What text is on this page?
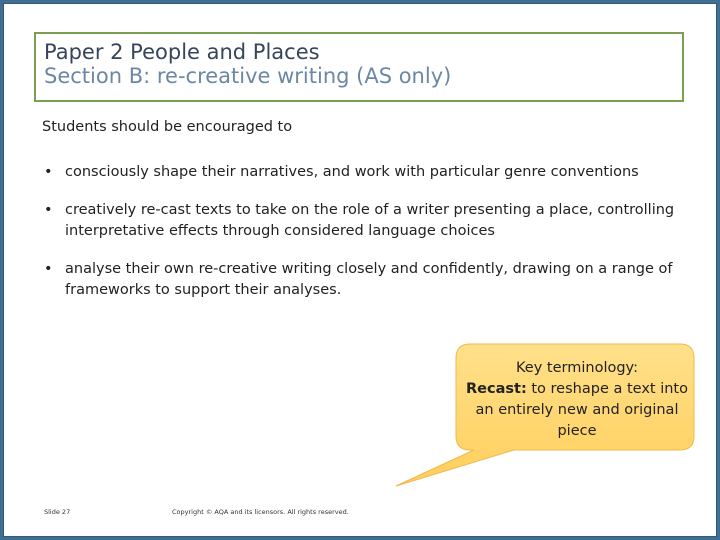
Paper 2 People and Places
Section B: re-creative writing (AS only)
Students should be encouraged to
• consciously shape their narratives, and work with particular genre conventions
• creatively re-cast texts to take on the role of a writer presenting a place, controlling interpretative effects through considered language choices
• analyse their own re-creative writing closely and confidently, drawing on a range of frameworks to support their analyses.
Key terminology:
Recast: to reshape a text into an entirely new and original piece
Slide 27	Copyright © AQA and its licensors. All rights reserved.
